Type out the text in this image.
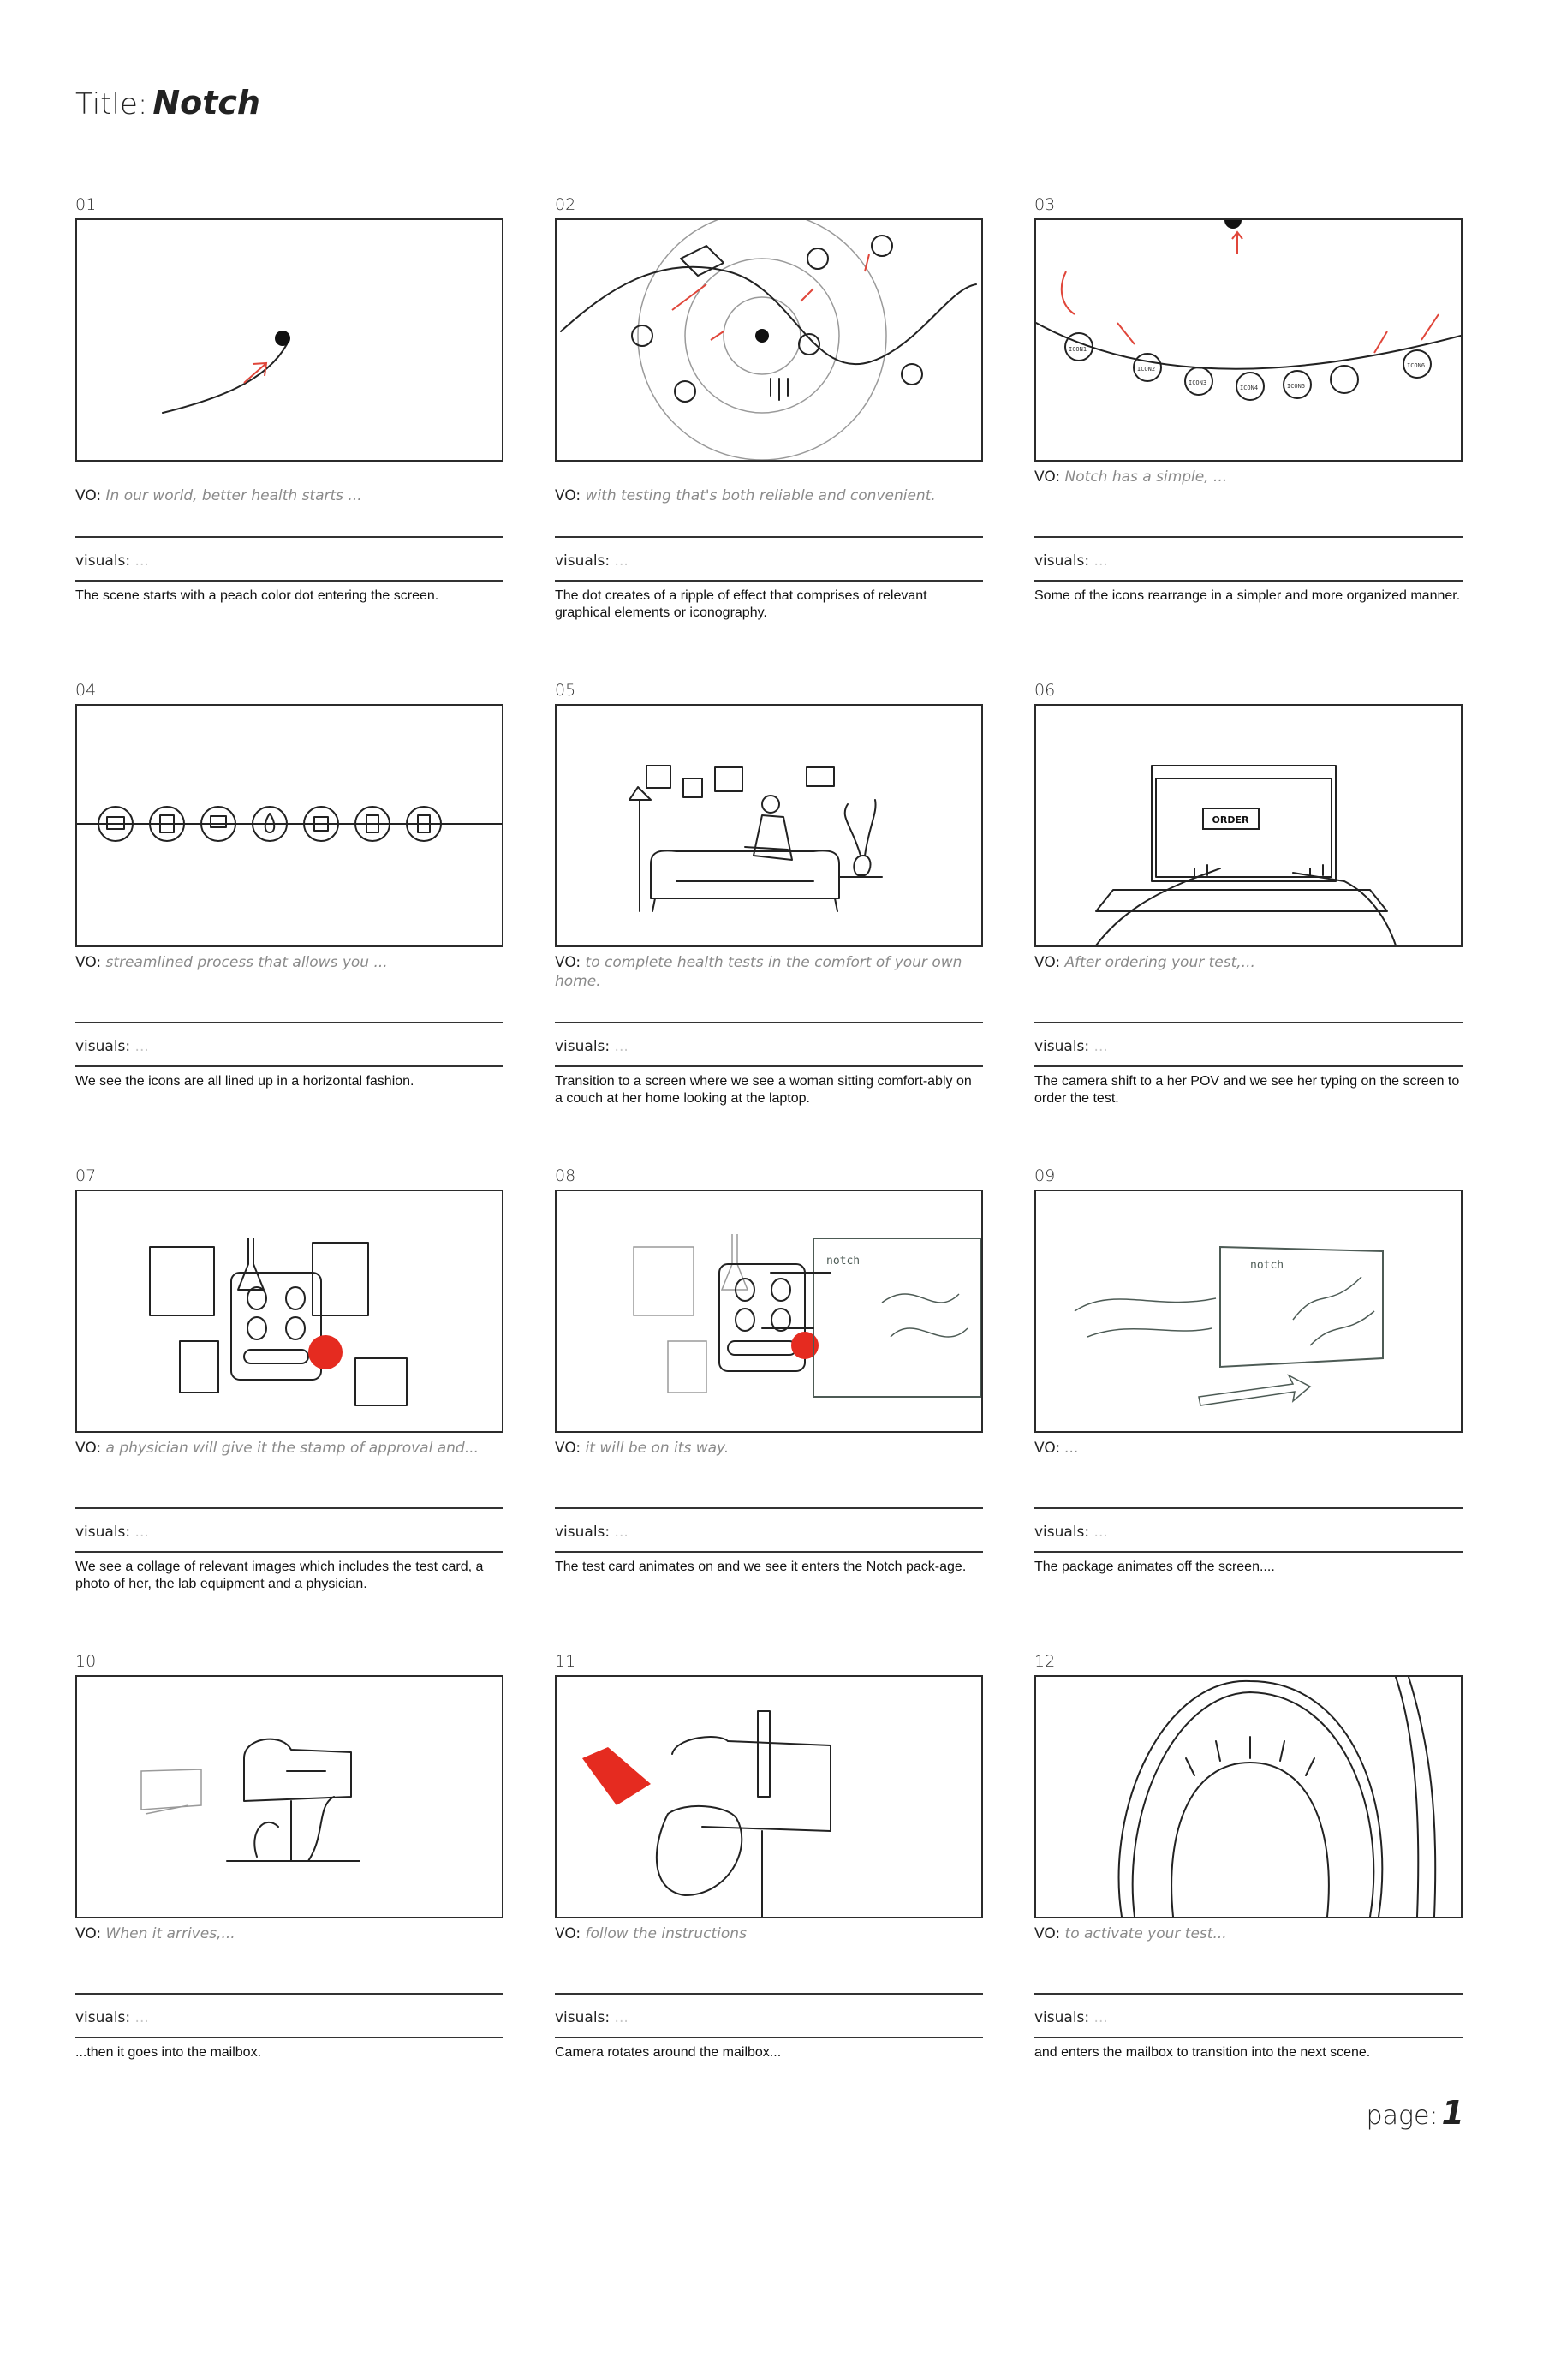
Title: Notch
01
VO: In our world, better health starts ...
visuals: ...
The scene starts with a peach color dot entering the screen.
02
VO: with testing that's both reliable and convenient.
visuals: ...
The dot creates of a ripple of effect that comprises of relevant graphical elements or iconography.
03
ICON1
ICON2
ICON3
ICON4	ICON5
ICON6
VO: Notch has a simple, ...
visuals: ...
Some of the icons rearrange in a simpler and more organized manner.
04
VO: streamlined process that allows you ...
visuals: ...
We see the icons are all lined up in a horizontal fashion.
05
VO: to complete health tests in the comfort of your own home.
visuals: ...
Transition to a screen where we see a woman sitting comfort-ably on a couch at her home looking at the laptop.
06
ORDER
VO: After ordering your test,...
visuals: ...
The camera shift to a her POV and we see her typing on the screen to order the test.
07
VO: a physician will give it the stamp of approval and...
visuals: ...
We see a collage of relevant images which includes the test card, a photo of her, the lab equipment and a physician.
08
notch
VO: it will be on its way.
visuals: ...
The test card animates on and we see it enters the Notch pack-age.
09
notch
VO: ...
visuals: ...
The package animates off the screen....
10
VO: When it arrives,...
visuals: ...
...then it goes into the mailbox.
11
VO: follow the instructions
visuals: ...
Camera rotates around the mailbox...
12
VO: to activate your test...
visuals: ...
and enters the mailbox to transition into the next scene.
page: 1
